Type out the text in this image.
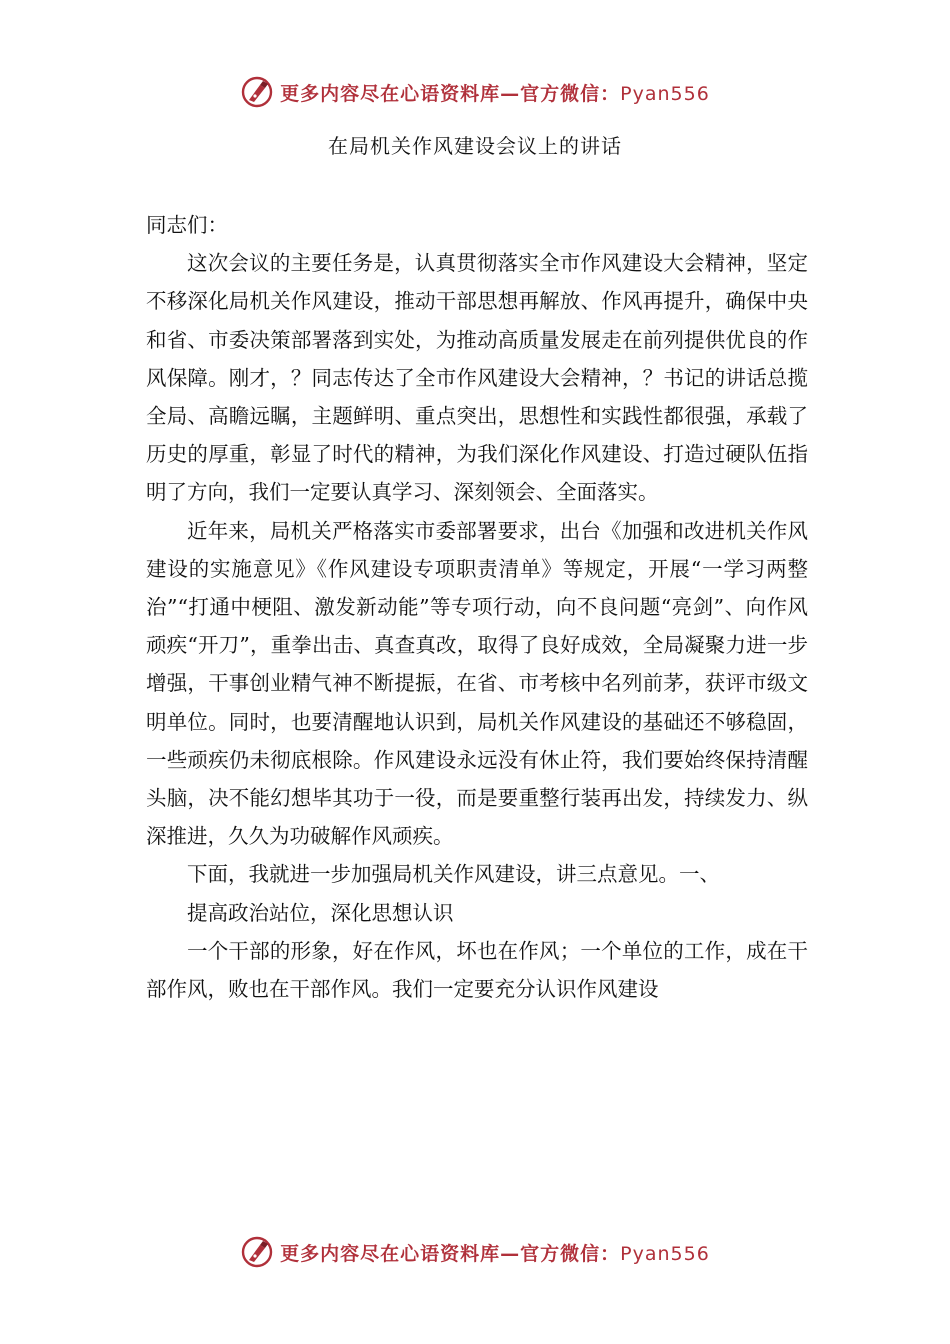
更多内容尽在心语资料库—官方微信：Pyan556
在局机关作风建设会议上的讲话

同志们：

这次会议的主要任务是，认真贯彻落实全市作风建设大会精神，坚定不移深化局机关作风建设，推动干部思想再解放、作风再提升，确保中央和省、市委决策部署落到实处，为推动高质量发展走在前列提供优良的作风保障。刚才，？同志传达了全市作风建设大会精神，？书记的讲话总揽全局、高瞻远瞩，主题鲜明、重点突出，思想性和实践性都很强，承载了历史的厚重，彰显了时代的精神，为我们深化作风建设、打造过硬队伍指明了方向，我们一定要认真学习、深刻领会、全面落实。

近年来，局机关严格落实市委部署要求，出台《加强和改进机关作风建设的实施意见》《作风建设专项职责清单》等规定，开展“一学习两整治”“打通中梗阻、激发新动能”等专项行动，向不良问题“亮剑”、向作风顽疾“开刀”，重拳出击、真查真改，取得了良好成效，全局凝聚力进一步增强，干事创业精气神不断提振，在省、市考核中名列前茅，获评市级文明单位。同时，也要清醒地认识到，局机关作风建设的基础还不够稳固，一些顽疾仍未彻底根除。作风建设永远没有休止符，我们要始终保持清醒头脑，决不能幻想毕其功于一役，而是要重整行装再出发，持续发力、纵深推进，久久为功破解作风顽疾。

下面，我就进一步加强局机关作风建设，讲三点意见。一、

提高政治站位，深化思想认识

一个干部的形象，好在作风，坏也在作风；一个单位的工作，成在干部作风，败也在干部作风。我们一定要充分认识作风建设

更多内容尽在心语资料库—官方微信：Pyan556
